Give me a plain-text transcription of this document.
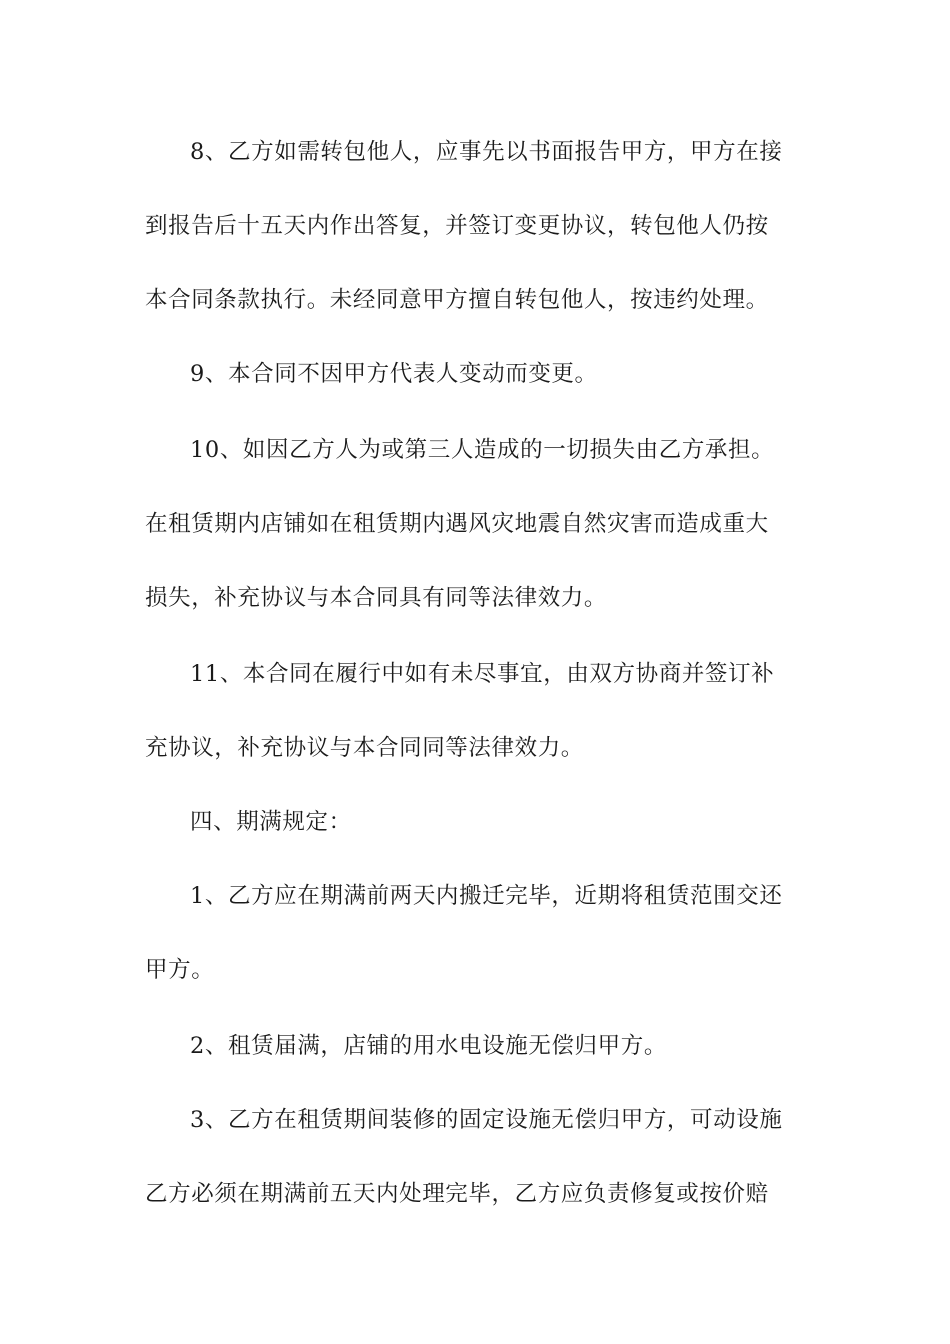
8、乙方如需转包他人，应事先以书面报告甲方，甲方在接
到报告后十五天内作出答复，并签订变更协议，转包他人仍按
本合同条款执行。未经同意甲方擅自转包他人，按违约处理。
9、本合同不因甲方代表人变动而变更。
10、如因乙方人为或第三人造成的一切损失由乙方承担。
在租赁期内店铺如在租赁期内遇风灾地震自然灾害而造成重大
损失，补充协议与本合同具有同等法律效力。
11、本合同在履行中如有未尽事宜，由双方协商并签订补
充协议，补充协议与本合同同等法律效力。
四、期满规定：
1、乙方应在期满前两天内搬迁完毕，近期将租赁范围交还
甲方。
2、租赁届满，店铺的用水电设施无偿归甲方。
3、乙方在租赁期间装修的固定设施无偿归甲方，可动设施
乙方必须在期满前五天内处理完毕，乙方应负责修复或按价赔
